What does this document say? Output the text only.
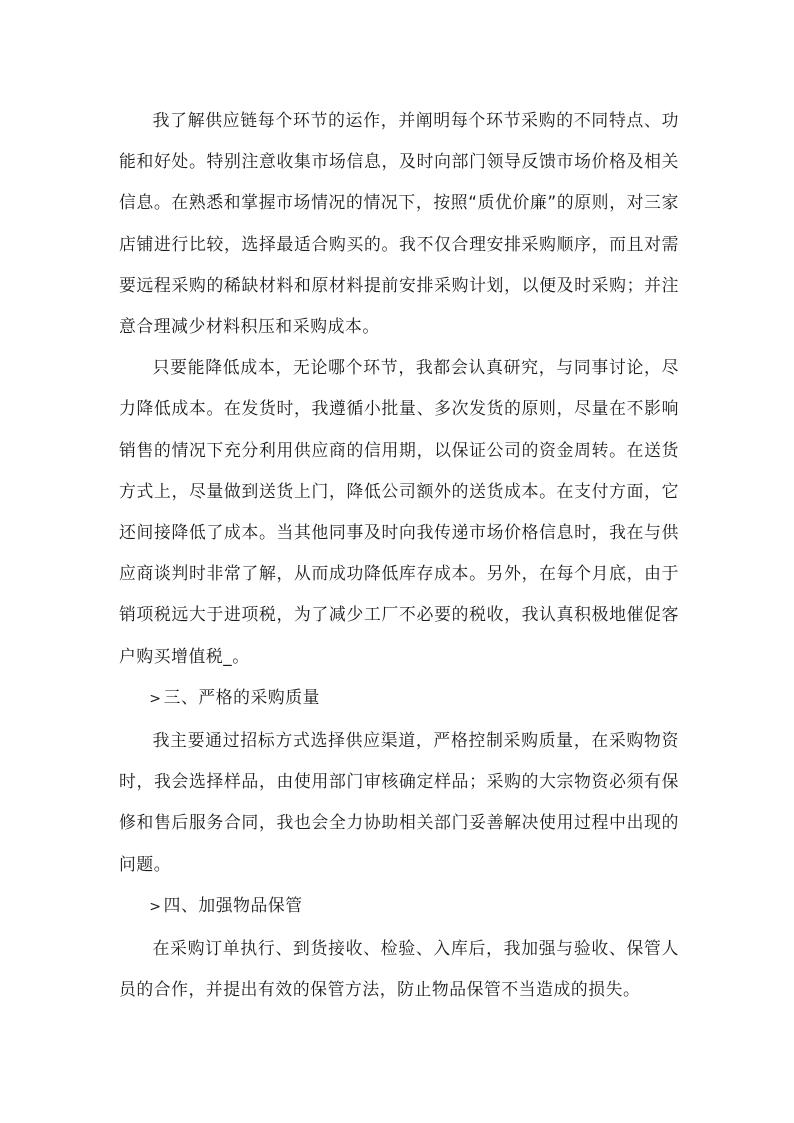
我了解供应链每个环节的运作，并阐明每个环节采购的不同特点、功能和好处。特别注意收集市场信息，及时向部门领导反馈市场价格及相关信息。在熟悉和掌握市场情况的情况下，按照“质优价廉”的原则，对三家店铺进行比较，选择最适合购买的。我不仅合理安排采购顺序，而且对需要远程采购的稀缺材料和原材料提前安排采购计划，以便及时采购；并注意合理减少材料积压和采购成本。

只要能降低成本，无论哪个环节，我都会认真研究，与同事讨论，尽力降低成本。在发货时，我遵循小批量、多次发货的原则，尽量在不影响销售的情况下充分利用供应商的信用期，以保证公司的资金周转。在送货方式上，尽量做到送货上门，降低公司额外的送货成本。在支付方面，它还间接降低了成本。当其他同事及时向我传递市场价格信息时，我在与供应商谈判时非常了解，从而成功降低库存成本。另外，在每个月底，由于销项税远大于进项税，为了减少工厂不必要的税收，我认真积极地催促客户购买增值税_。

> 三、严格的采购质量

我主要通过招标方式选择供应渠道，严格控制采购质量，在采购物资时，我会选择样品，由使用部门审核确定样品；采购的大宗物资必须有保修和售后服务合同，我也会全力协助相关部门妥善解决使用过程中出现的问题。

> 四、加强物品保管

在采购订单执行、到货接收、检验、入库后，我加强与验收、保管人员的合作，并提出有效的保管方法，防止物品保管不当造成的损失。
